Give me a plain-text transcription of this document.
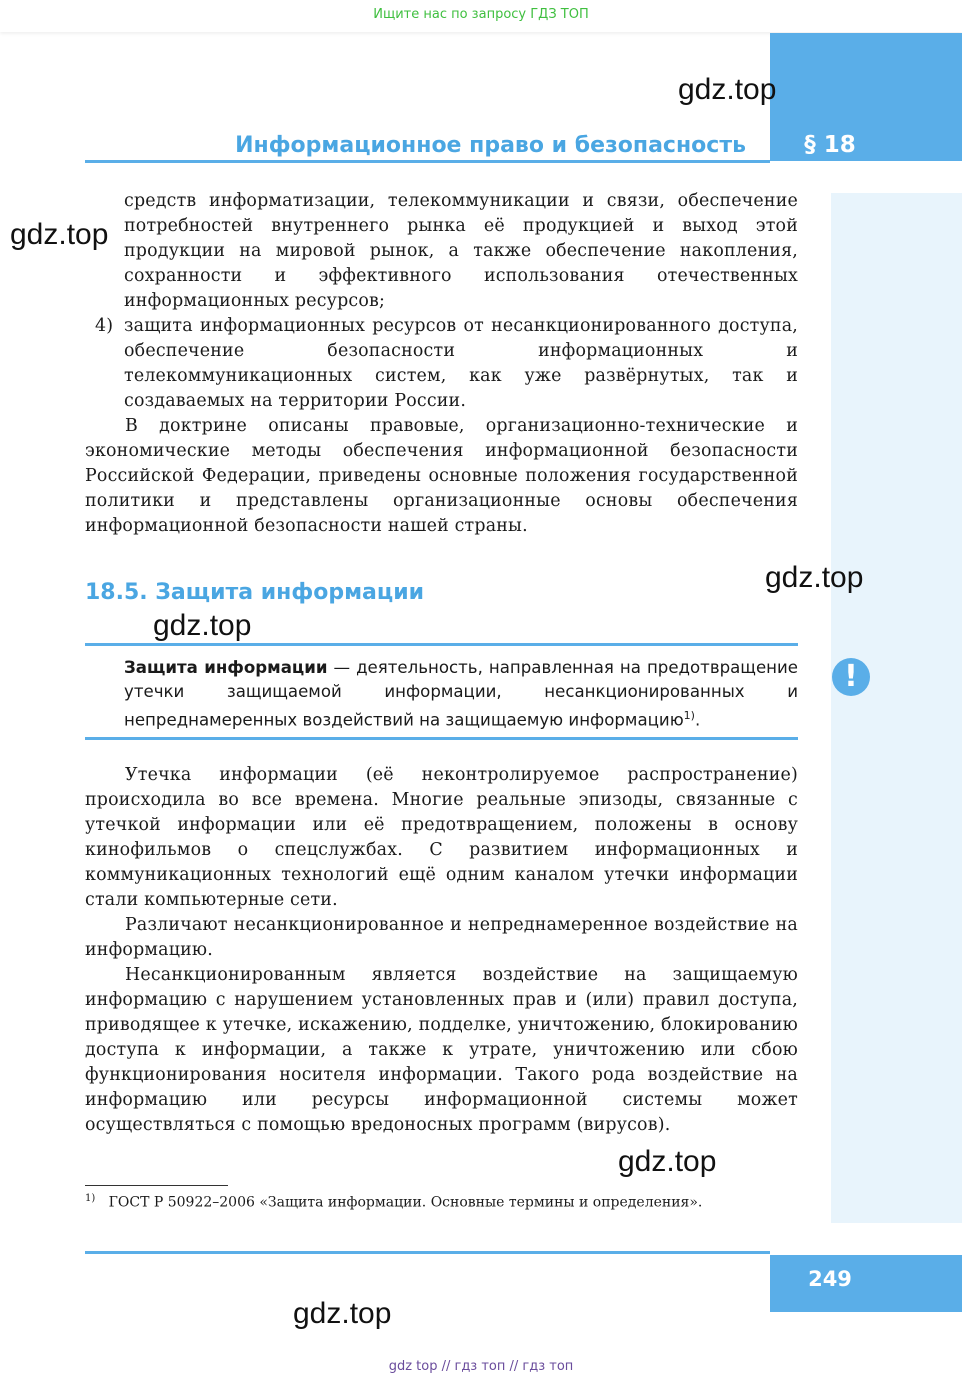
Ищите нас по запросу ГДЗ ТОП
§ 18
Информационное право и безопасность
gdz.top
gdz.top
gdz.top
gdz.top
gdz.top
gdz.top

средств информатизации, телекоммуникации и связи, обеспечение потребностей внутреннего рынка её продукцией и выход этой продукции на мировой рынок, а также обеспечение накопления, сохранности и эффективного использования отечественных информационных ресурсов;

4) защита информационных ресурсов от несанкционированного доступа, обеспечение безопасности информационных и телекоммуникационных систем, как уже развёрнутых, так и создаваемых на территории России.

В доктрине описаны правовые, организационно-технические и экономические методы обеспечения информационной безопасности Российской Федерации, приведены основные положения государственной политики и представлены организационные основы обеспечения информационной безопасности нашей страны.

18.5. Защита информации
Защита информации — деятельность, направленная на предотвращение утечки защищаемой информации, несанкционированных и непреднамеренных воздействий на защищаемую информацию$^{1)}$.
!

Утечка информации (её неконтролируемое распространение) происходила во все времена. Многие реальные эпизоды, связанные с утечкой информации или её предотвращением, положены в основу кинофильмов о спецслужбах. С развитием информационных и коммуникационных технологий ещё одним каналом утечки информации стали компьютерные сети.

Различают несанкционированное и непреднамеренное воздействие на информацию.

Несанкционированным является воздействие на защищаемую информацию с нарушением установленных прав и (или) правил доступа, приводящее к утечке, искажению, подделке, уничтожению, блокированию доступа к информации, а также к утрате, уничтожению или сбою функционирования носителя информации. Такого рода воздействие на информацию или ресурсы информационной системы может осуществляться с помощью вредоносных программ (вирусов).

$^{1)}$ ГОСТ Р 50922–2006 «Защита информации. Основные термины и определения».
249
gdz top // гдз топ // гдз топ
